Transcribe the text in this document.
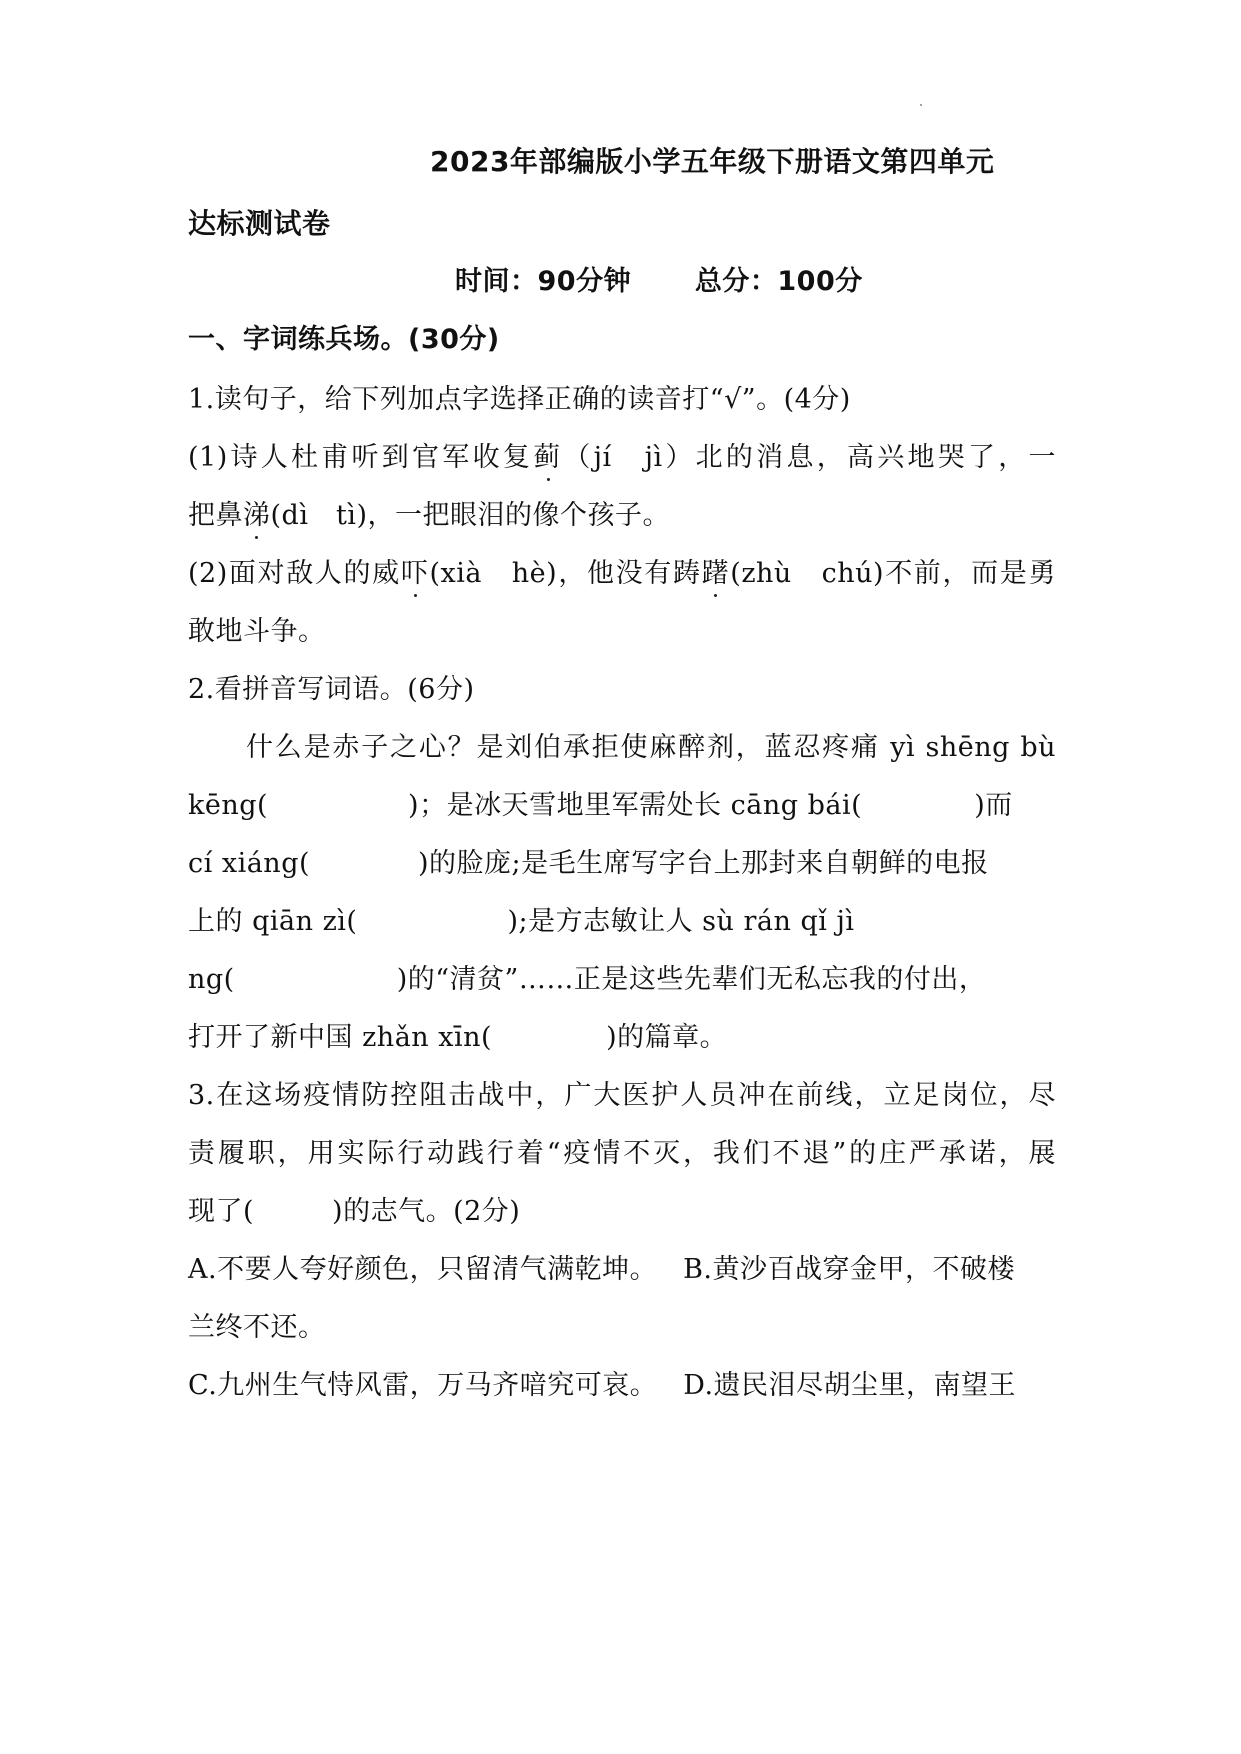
2023年部编版小学五年级下册语文第四单元
达标测试卷
时间：90分钟 总分：100分
一、字词练兵场。(30分)
1.读句子，给下列加点字选择正确的读音打“√”。(4分)
(1)诗人杜甫听到官军收复蓟（jí　jì）北的消息，高兴地哭了，一
把鼻涕(dì　tì)，一把眼泪的像个孩子。
(2)面对敌人的威吓(xià　hè)，他没有踌躇(zhù　chú)不前，而是勇
敢地斗争。
2.看拼音写词语。(6分)
什么是赤子之心？是刘伯承拒使麻醉剂，蓝忍疼痛 yì shēng bù
kēng(	)；是冰天雪地里军需处长 cāng bái(	)而
cí xiáng(	)的脸庞;是毛生席写字台上那封来自朝鲜的电报
上的 qiān zì(	);是方志敏让人 sù rán qǐ jì
ng(	)的“清贫”……正是这些先辈们无私忘我的付出，
打开了新中国 zhǎn xīn(	)的篇章。
3.在这场疫情防控阻击战中，广大医护人员冲在前线，立足岗位，尽
责履职，用实际行动践行着“疫情不灭，我们不退”的庄严承诺，展
现了(	)的志气。(2分)
A.不要人夸好颜色，只留清气满乾坤。 B.黄沙百战穿金甲，不破楼
兰终不还。
C.九州生气恃风雷，万马齐喑究可哀。 D.遗民泪尽胡尘里，南望王
